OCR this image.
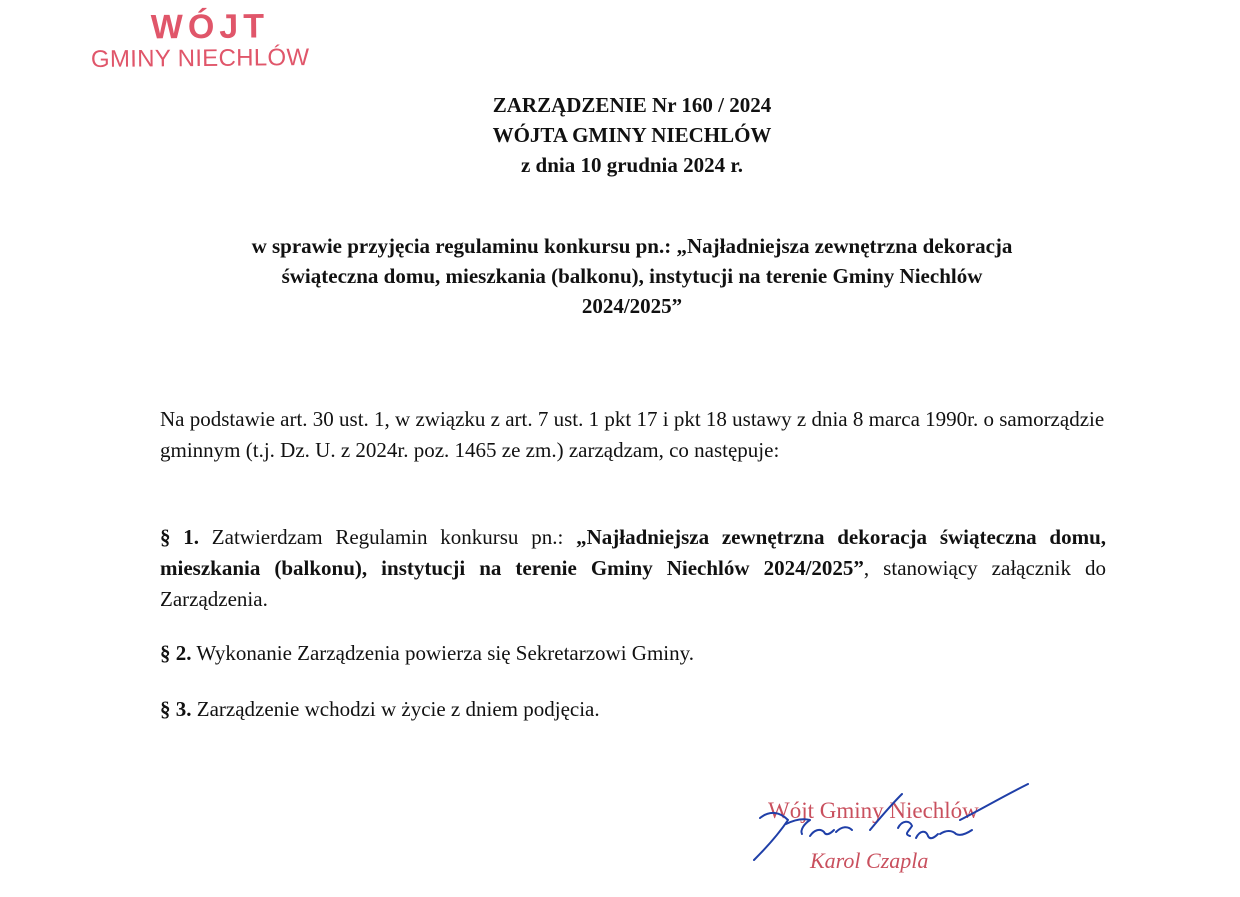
WÓJT
GMINY NIECHLÓW
ZARZĄDZENIE Nr 160 / 2024
WÓJTA GMINY NIECHLÓW
z dnia 10 grudnia 2024 r.
w sprawie przyjęcia regulaminu konkursu pn.: „Najładniejsza zewnętrzna dekoracja
świąteczna domu, mieszkania (balkonu), instytucji na terenie Gminy Niechlów
2024/2025”
Na podstawie art. 30 ust. 1, w związku z art. 7 ust. 1 pkt 17 i pkt 18 ustawy z dnia 8 marca 1990r. o samorządzie gminnym (t.j. Dz. U. z 2024r. poz. 1465 ze zm.) zarządzam, co następuje:
§ 1. Zatwierdzam Regulamin konkursu pn.: „Najładniejsza zewnętrzna dekoracja świąteczna domu, mieszkania (balkonu), instytucji na terenie Gminy Niechlów 2024/2025”, stanowiący załącznik do Zarządzenia.
§ 2. Wykonanie Zarządzenia powierza się Sekretarzowi Gminy.
§ 3. Zarządzenie wchodzi w życie z dniem podjęcia.
Wójt Gminy Niechlów
Karol Czapla
